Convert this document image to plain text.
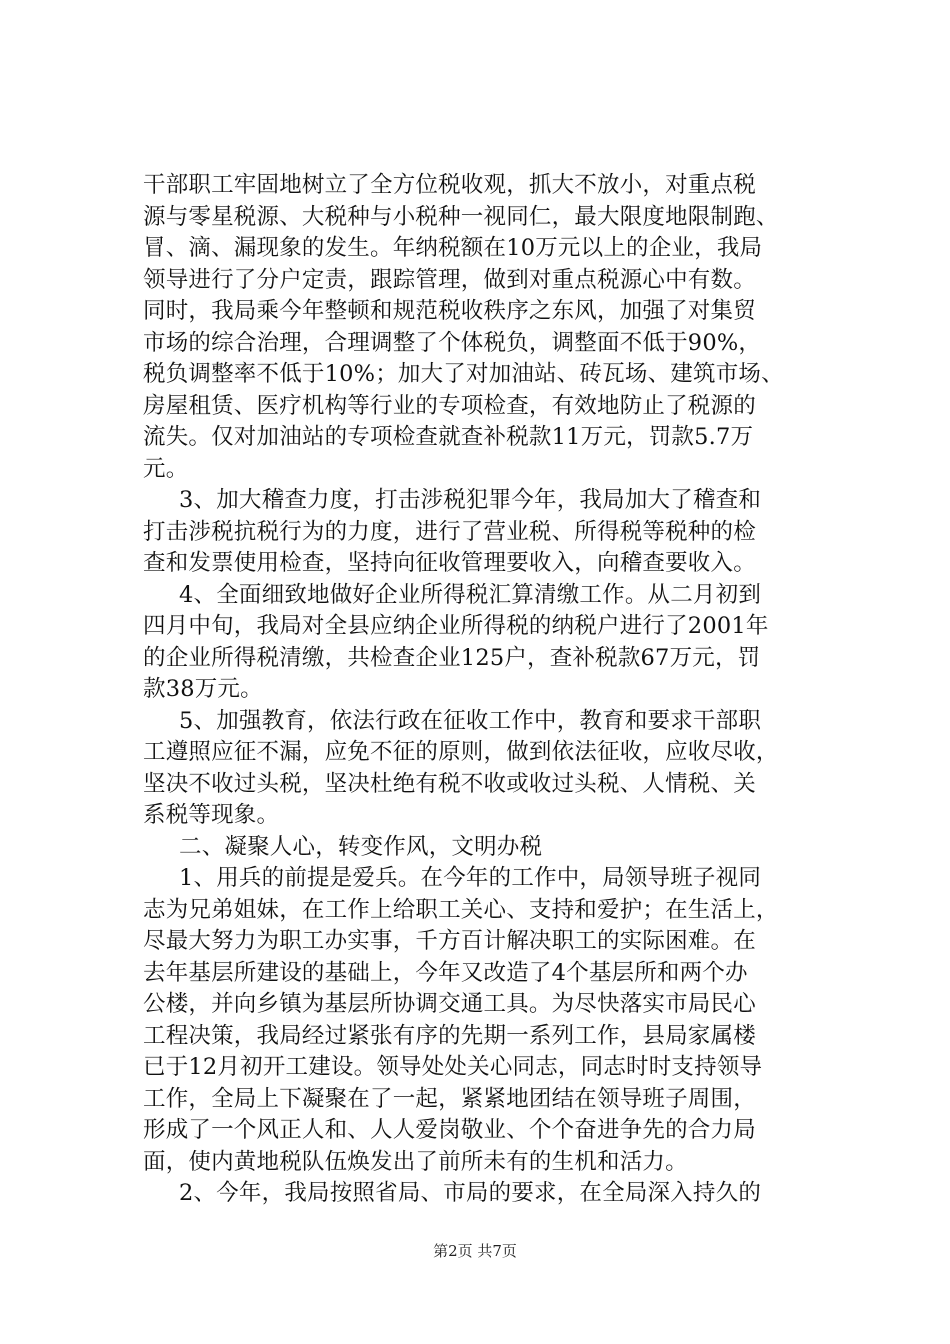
干部职工牢固地树立了全方位税收观，抓大不放小，对重点税
源与零星税源、大税种与小税种一视同仁，最大限度地限制跑、
冒、滴、漏现象的发生。年纳税额在10万元以上的企业，我局
领导进行了分户定责，跟踪管理，做到对重点税源心中有数。
同时，我局乘今年整顿和规范税收秩序之东风，加强了对集贸
市场的综合治理，合理调整了个体税负，调整面不低于90%，
税负调整率不低于10%；加大了对加油站、砖瓦场、建筑市场、
房屋租赁、医疗机构等行业的专项检查，有效地防止了税源的
流失。仅对加油站的专项检查就查补税款11万元，罚款5.7万
元。
3、加大稽查力度，打击涉税犯罪今年，我局加大了稽查和
打击涉税抗税行为的力度，进行了营业税、所得税等税种的检
查和发票使用检查，坚持向征收管理要收入，向稽查要收入。
4、全面细致地做好企业所得税汇算清缴工作。从二月初到
四月中旬，我局对全县应纳企业所得税的纳税户进行了2001年
的企业所得税清缴，共检查企业125户，查补税款67万元，罚
款38万元。
5、加强教育，依法行政在征收工作中，教育和要求干部职
工遵照应征不漏，应免不征的原则，做到依法征收，应收尽收，
坚决不收过头税，坚决杜绝有税不收或收过头税、人情税、关
系税等现象。
二、凝聚人心，转变作风，文明办税
1、用兵的前提是爱兵。在今年的工作中，局领导班子视同
志为兄弟姐妹，在工作上给职工关心、支持和爱护；在生活上，
尽最大努力为职工办实事，千方百计解决职工的实际困难。在
去年基层所建设的基础上，今年又改造了4个基层所和两个办
公楼，并向乡镇为基层所协调交通工具。为尽快落实市局民心
工程决策，我局经过紧张有序的先期一系列工作，县局家属楼
已于12月初开工建设。领导处处关心同志，同志时时支持领导
工作，全局上下凝聚在了一起，紧紧地团结在领导班子周围，
形成了一个风正人和、人人爱岗敬业、个个奋进争先的合力局
面，使内黄地税队伍焕发出了前所未有的生机和活力。
2、今年，我局按照省局、市局的要求，在全局深入持久的
第2页 共7页
